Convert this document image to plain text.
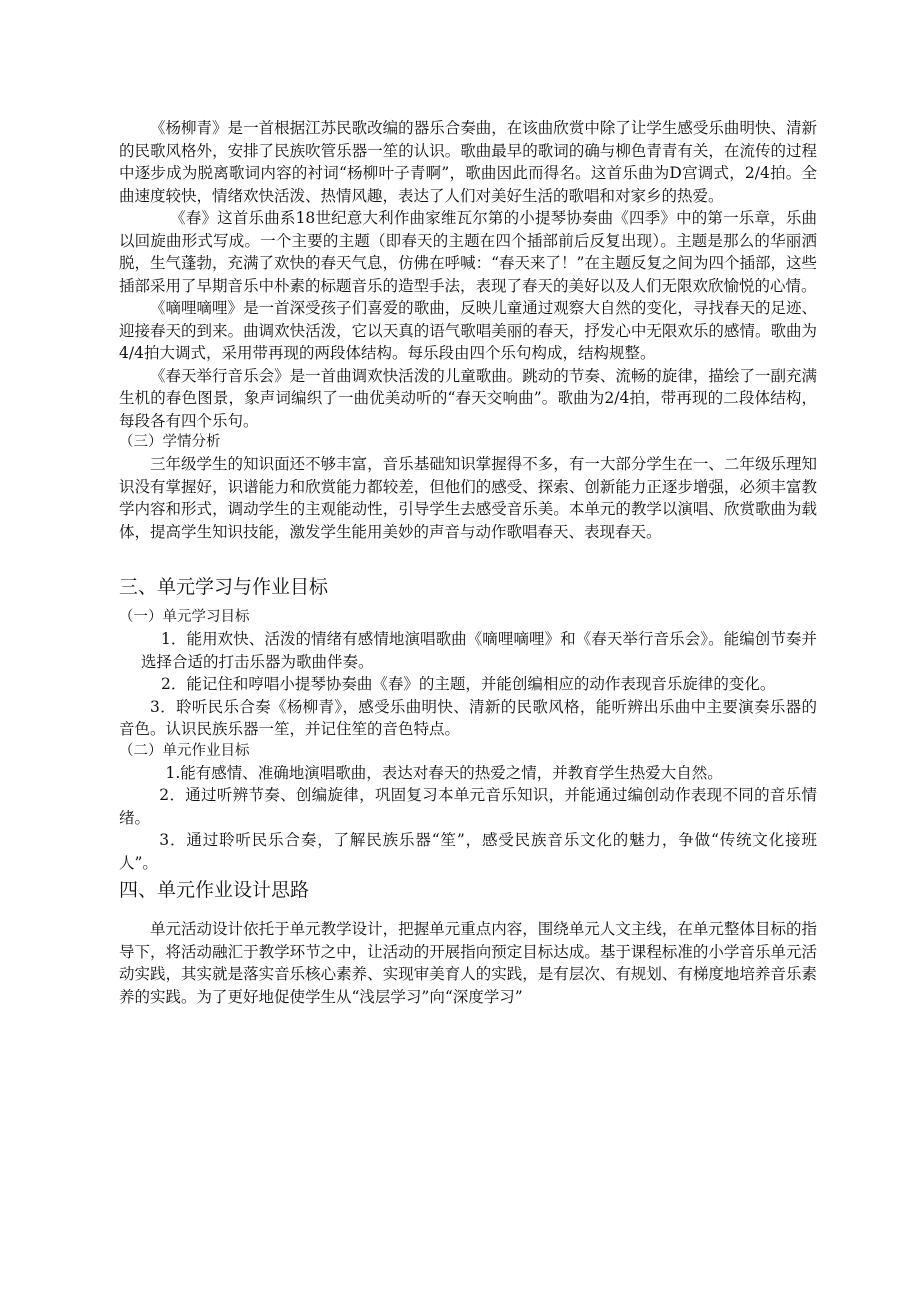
《杨柳青》是一首根据江苏民歌改编的器乐合奏曲，在该曲欣赏中除了让学生感受乐曲明快、清新的民歌风格外，安排了民族吹管乐器一笙的认识。歌曲最早的歌词的确与柳色青青有关，在流传的过程中逐步成为脱离歌词内容的衬词“杨柳叶子青啊”，歌曲因此而得名。这首乐曲为D宫调式，2/4拍。全曲速度较快，情绪欢快活泼、热情风趣，表达了人们对美好生活的歌唱和对家乡的热爱。

《春》这首乐曲系18世纪意大利作曲家维瓦尔第的小提琴协奏曲《四季》中的第一乐章，乐曲以回旋曲形式写成。一个主要的主题（即春天的主题在四个插部前后反复出现）。主题是那么的华丽洒脱，生气蓬勃，充满了欢快的春天气息，仿佛在呼喊：“春天来了！”在主题反复之间为四个插部，这些插部采用了早期音乐中朴素的标题音乐的造型手法，表现了春天的美好以及人们无限欢欣愉悦的心情。

《嘀哩嘀哩》是一首深受孩子们喜爱的歌曲，反映儿童通过观察大自然的变化，寻找春天的足迹、迎接春天的到来。曲调欢快活泼，它以天真的语气歌唱美丽的春天，抒发心中无限欢乐的感情。歌曲为4/4拍大调式，采用带再现的两段体结构。每乐段由四个乐句构成，结构规整。

《春天举行音乐会》是一首曲调欢快活泼的儿童歌曲。跳动的节奏、流畅的旋律，描绘了一副充满生机的春色图景，象声词编织了一曲优美动听的“春天交响曲”。歌曲为2/4拍，带再现的二段体结构，每段各有四个乐句。

（三）学情分析

三年级学生的知识面还不够丰富，音乐基础知识掌握得不多，有一大部分学生在一、二年级乐理知识没有掌握好，识谱能力和欣赏能力都较差，但他们的感受、探索、创新能力正逐步增强，必须丰富教学内容和形式，调动学生的主观能动性，引导学生去感受音乐美。本单元的教学以演唱、欣赏歌曲为载体，提高学生知识技能，激发学生能用美妙的声音与动作歌唱春天、表现春天。

三、单元学习与作业目标

（一）单元学习目标

1．能用欢快、活泼的情绪有感情地演唱歌曲《嘀哩嘀哩》和《春天举行音乐会》。能编创节奏并选择合适的打击乐器为歌曲伴奏。

2．能记住和哼唱小提琴协奏曲《春》的主题，并能创编相应的动作表现音乐旋律的变化。

3．聆听民乐合奏《杨柳青》，感受乐曲明快、清新的民歌风格，能听辨出乐曲中主要演奏乐器的音色。认识民族乐器一笙，并记住笙的音色特点。

（二）单元作业目标

1.能有感情、准确地演唱歌曲，表达对春天的热爱之情，并教育学生热爱大自然。

2．通过听辨节奏、创编旋律，巩固复习本单元音乐知识，并能通过编创动作表现不同的音乐情绪。

3．通过聆听民乐合奏，了解民族乐器“笙”，感受民族音乐文化的魅力，争做“传统文化接班人”。

四、单元作业设计思路

单元活动设计依托于单元教学设计，把握单元重点内容，围绕单元人文主线，在单元整体目标的指导下，将活动融汇于教学环节之中，让活动的开展指向预定目标达成。基于课程标准的小学音乐单元活动实践，其实就是落实音乐核心素养、实现审美育人的实践，是有层次、有规划、有梯度地培养音乐素养的实践。为了更好地促使学生从“浅层学习”向“深度学习”
